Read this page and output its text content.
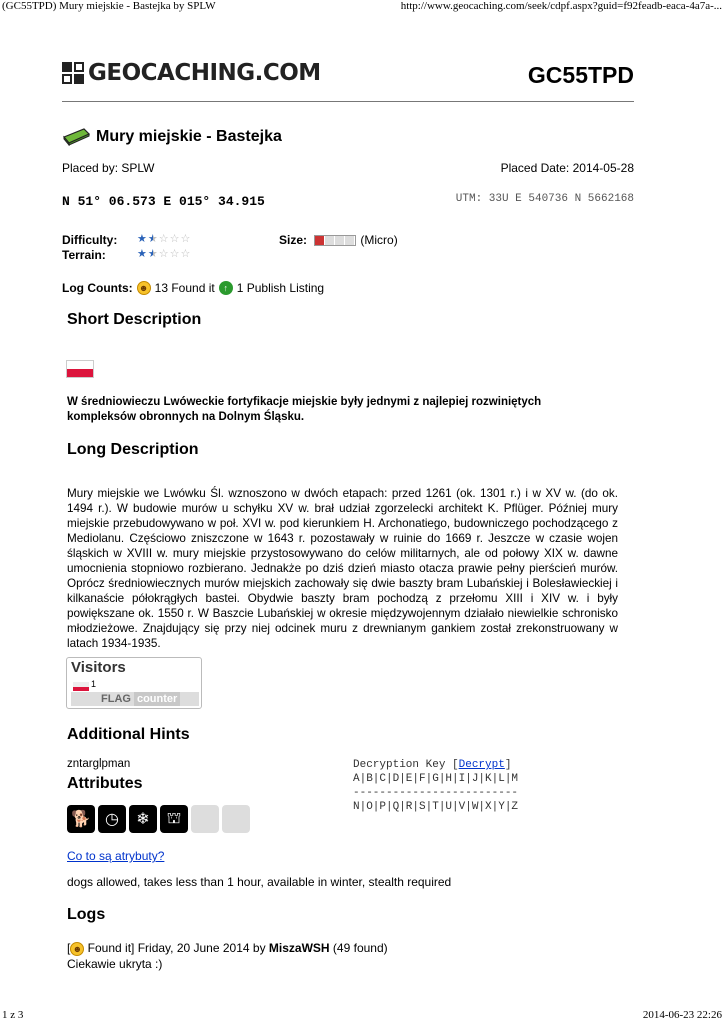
(GC55TPD) Mury miejskie - Bastejka by SPLW	http://www.geocaching.com/seek/cdpf.aspx?guid=f92feadb-eaca-4a7a-...
GEOCACHING.COM	GC55TPD
Mury miejskie - Bastejka
Placed by: SPLW	Placed Date: 2014-05-28
N 51° 06.573 E 015° 34.915	UTM: 33U E 540736 N 5662168
Difficulty: ★ ★ ☆ ☆ ☆
Terrain:	★ ★ ☆ ☆ ☆
Size:	(Micro)
Log Counts: ☻ 13 Found it ↑ 1 Publish Listing
Short Description
W średniowieczu Lwóweckie fortyfikacje miejskie były jednymi z najlepiej rozwiniętych kompleksów obronnych na Dolnym Śląsku.
Long Description
Mury miejskie we Lwówku Śl. wznoszono w dwóch etapach: przed 1261 (ok. 1301 r.) i w XV w. (do ok. 1494 r.). W budowie murów u schyłku XV w. brał udział zgorzelecki architekt K. Pflüger. Później mury miejskie przebudowywano w poł. XVI w. pod kierunkiem H. Archonatiego, budowniczego pochodzącego z Mediolanu. Częściowo zniszczone w 1643 r. pozostawały w ruinie do 1669 r. Jeszcze w czasie wojen śląskich w XVIII w. mury miejskie przystosowywano do celów militarnych, ale od połowy XIX w. dawne umocnienia stopniowo rozbierano. Jednakże po dziś dzień miasto otacza prawie pełny pierścień murów. Oprócz średniowiecznych murów miejskich zachowały się dwie baszty bram Lubańskiej i Bolesławieckiej i kilkanaście półokrągłych bastei. Obydwie baszty bram pochodzą z przełomu XIII i XIV w. i były powiększane ok. 1550 r. W Baszcie Lubańskiej w okresie międzywojennym działało niewielkie schronisko młodzieżowe. Znajdujący się przy niej odcinek muru z drewnianym gankiem został zrekonstruowany w latach 1934-1935.
Visitors
1
FLAG counter
Additional Hints
zntarglpman	Decryption Key [Decrypt]
A|B|C|D|E|F|G|H|I|J|K|L|M
-------------------------
N|O|P|Q|R|S|T|U|V|W|X|Y|Z
Attributes
🐕 ◷	❄	⛫
Co to są atrybuty?
dogs allowed, takes less than 1 hour, available in winter, stealth required
Logs
[ ☻ Found it] Friday, 20 June 2014 by MiszaWSH (49 found)
Ciekawie ukryta :)
1 z 3	2014-06-23 22:26
